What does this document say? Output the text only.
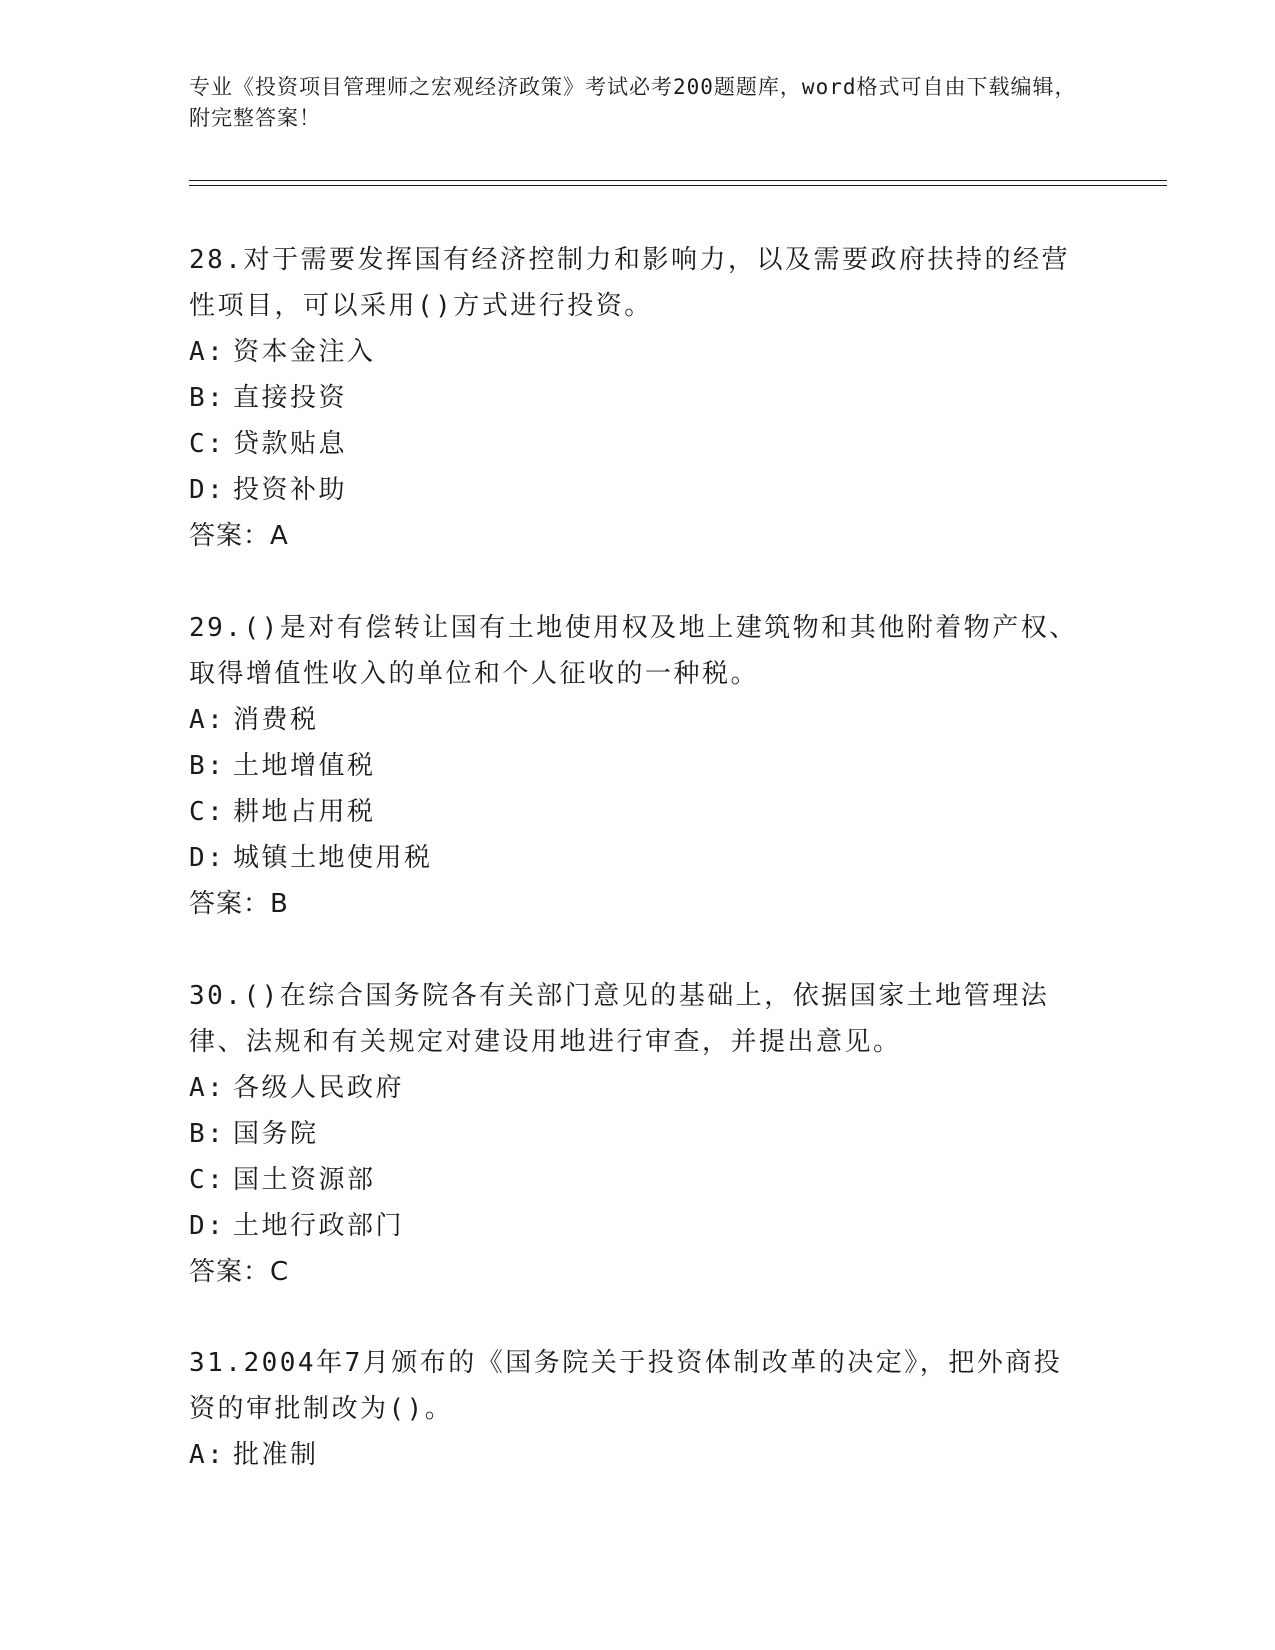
专业《投资项目管理师之宏观经济政策》考试必考200题题库，word格式可自由下载编辑，附完整答案！

28.对于需要发挥国有经济控制力和影响力，以及需要政府扶持的经营性项目，可以采用()方式进行投资。

A: 资本金注入

B: 直接投资

C: 贷款贴息

D: 投资补助

答案：A

29.()是对有偿转让国有土地使用权及地上建筑物和其他附着物产权、取得增值性收入的单位和个人征收的一种税。

A: 消费税

B: 土地增值税

C: 耕地占用税

D: 城镇土地使用税

答案：B

30.()在综合国务院各有关部门意见的基础上，依据国家土地管理法律、法规和有关规定对建设用地进行审查，并提出意见。

A: 各级人民政府

B: 国务院

C: 国土资源部

D: 土地行政部门

答案：C

31.2004年7月颁布的《国务院关于投资体制改革的决定》，把外商投资的审批制改为()。

A: 批准制
